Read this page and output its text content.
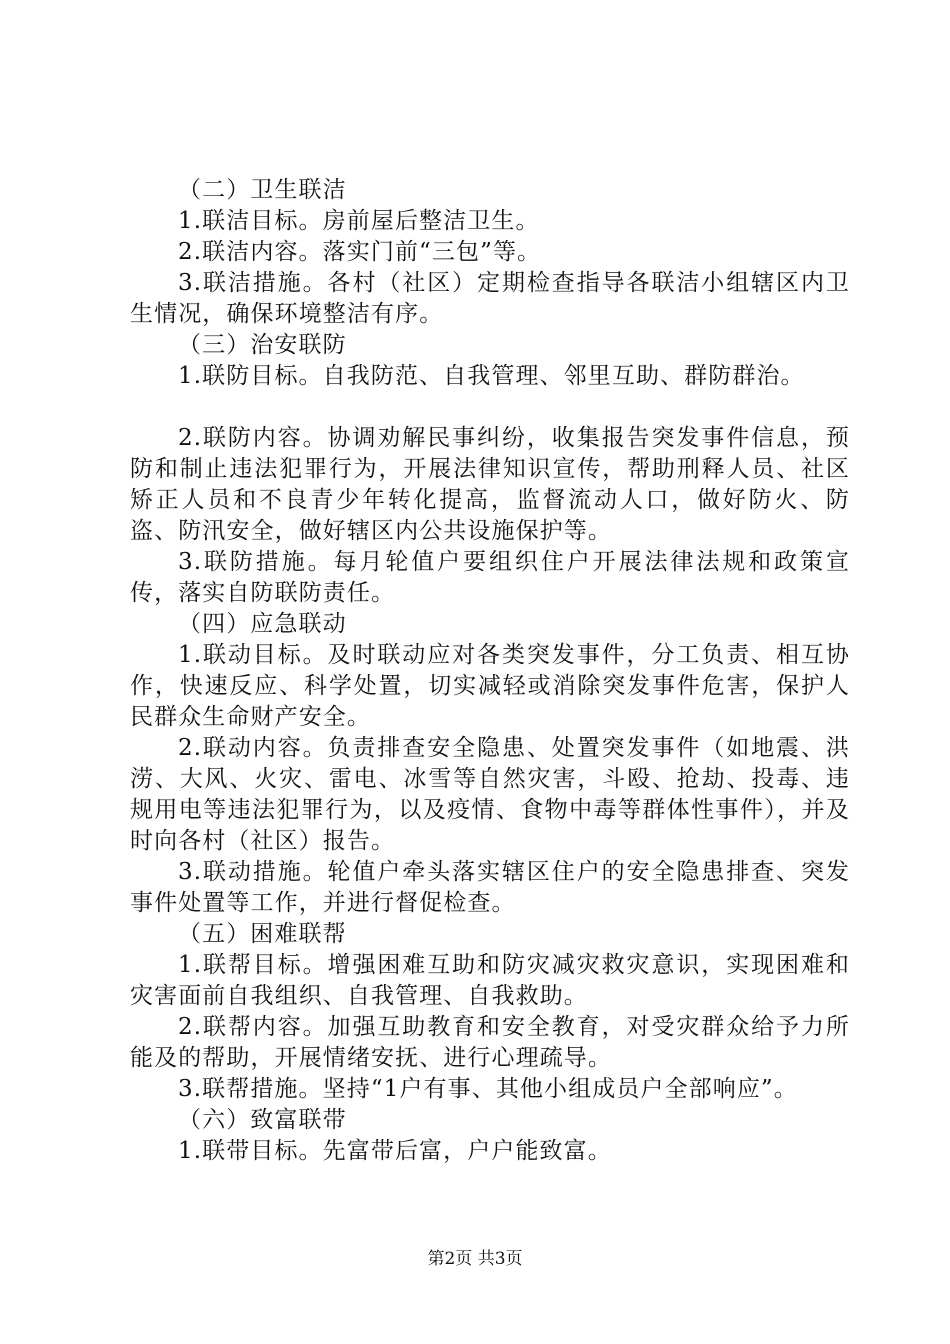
（二）卫生联洁

1.联洁目标。房前屋后整洁卫生。

2.联洁内容。落实门前“三包”等。

3.联洁措施。各村（社区）定期检查指导各联洁小组辖区内卫生情况，确保环境整洁有序。

（三）治安联防

1.联防目标。自我防范、自我管理、邻里互助、群防群治。

2.联防内容。协调劝解民事纠纷，收集报告突发事件信息，预防和制止违法犯罪行为，开展法律知识宣传，帮助刑释人员、社区矫正人员和不良青少年转化提高，监督流动人口，做好防火、防盗、防汛安全，做好辖区内公共设施保护等。

3.联防措施。每月轮值户要组织住户开展法律法规和政策宣传，落实自防联防责任。

（四）应急联动

1.联动目标。及时联动应对各类突发事件，分工负责、相互协作，快速反应、科学处置，切实减轻或消除突发事件危害，保护人民群众生命财产安全。

2.联动内容。负责排查安全隐患、处置突发事件（如地震、洪涝、大风、火灾、雷电、冰雪等自然灾害，斗殴、抢劫、投毒、违规用电等违法犯罪行为，以及疫情、食物中毒等群体性事件），并及时向各村（社区）报告。

3.联动措施。轮值户牵头落实辖区住户的安全隐患排查、突发事件处置等工作，并进行督促检查。

（五）困难联帮

1.联帮目标。增强困难互助和防灾减灾救灾意识，实现困难和灾害面前自我组织、自我管理、自我救助。

2.联帮内容。加强互助教育和安全教育，对受灾群众给予力所能及的帮助，开展情绪安抚、进行心理疏导。

3.联帮措施。坚持“1户有事、其他小组成员户全部响应”。

（六）致富联带

1.联带目标。先富带后富，户户能致富。

第2页 共3页
